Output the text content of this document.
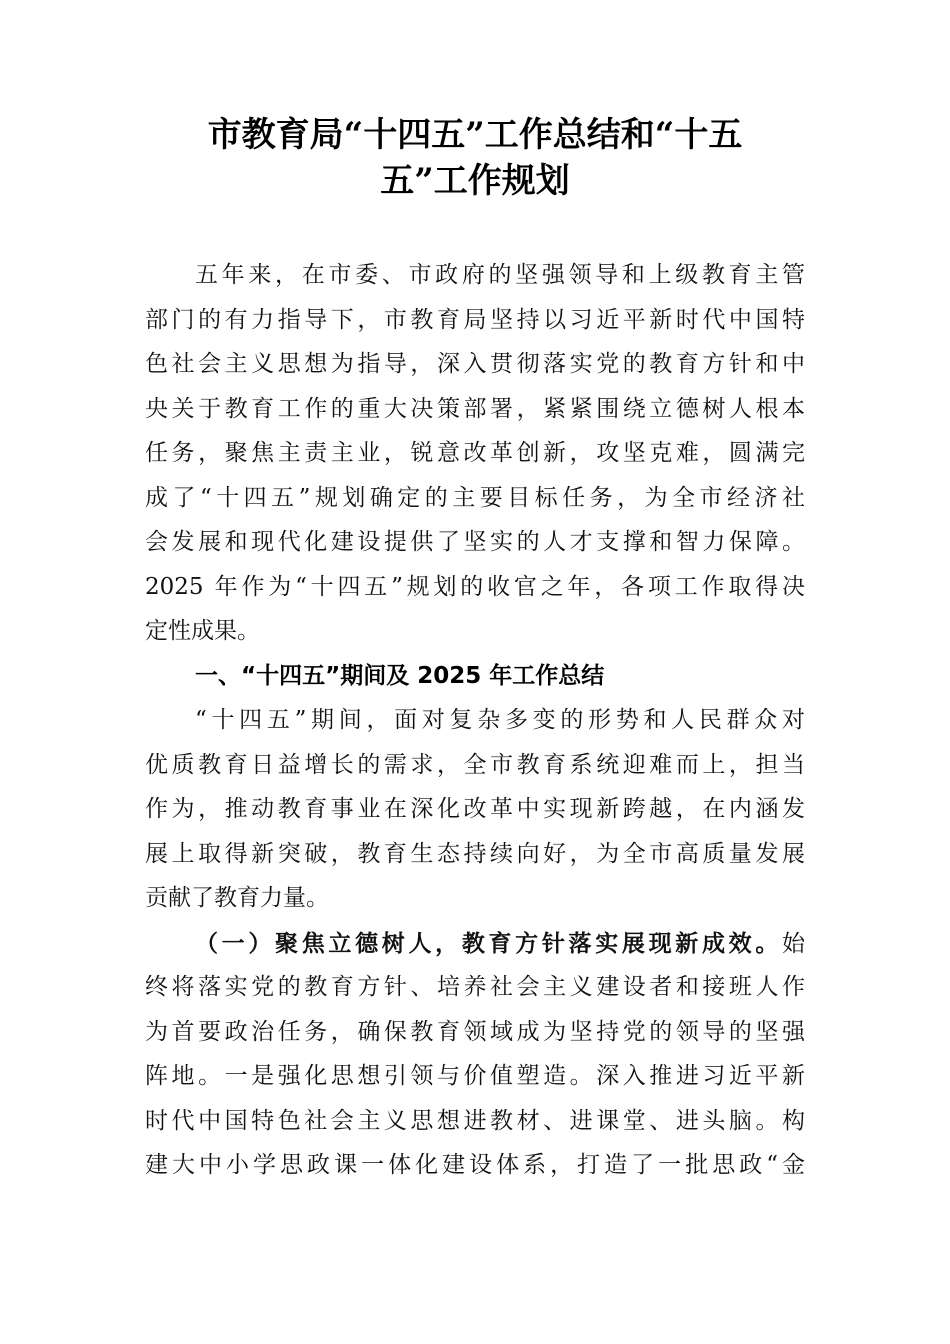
市教育局“十四五”工作总结和“十五
五”工作规划
五年来，在市委、市政府的坚强领导和上级教育主管
部门的有力指导下，市教育局坚持以习近平新时代中国特
色社会主义思想为指导，深入贯彻落实党的教育方针和中
央关于教育工作的重大决策部署，紧紧围绕立德树人根本
任务，聚焦主责主业，锐意改革创新，攻坚克难，圆满完
成了“十四五”规划确定的主要目标任务，为全市经济社
会发展和现代化建设提供了坚实的人才支撑和智力保障。
2025 年作为“十四五”规划的收官之年，各项工作取得决
定性成果。
一、“十四五”期间及 2025 年工作总结
“十四五”期间，面对复杂多变的形势和人民群众对
优质教育日益增长的需求，全市教育系统迎难而上，担当
作为，推动教育事业在深化改革中实现新跨越，在内涵发
展上取得新突破，教育生态持续向好，为全市高质量发展
贡献了教育力量。
（一）聚焦立德树人，教育方针落实展现新成效。始
终将落实党的教育方针、培养社会主义建设者和接班人作
为首要政治任务，确保教育领域成为坚持党的领导的坚强
阵地。一是强化思想引领与价值塑造。深入推进习近平新
时代中国特色社会主义思想进教材、进课堂、进头脑。构
建大中小学思政课一体化建设体系，打造了一批思政“金
